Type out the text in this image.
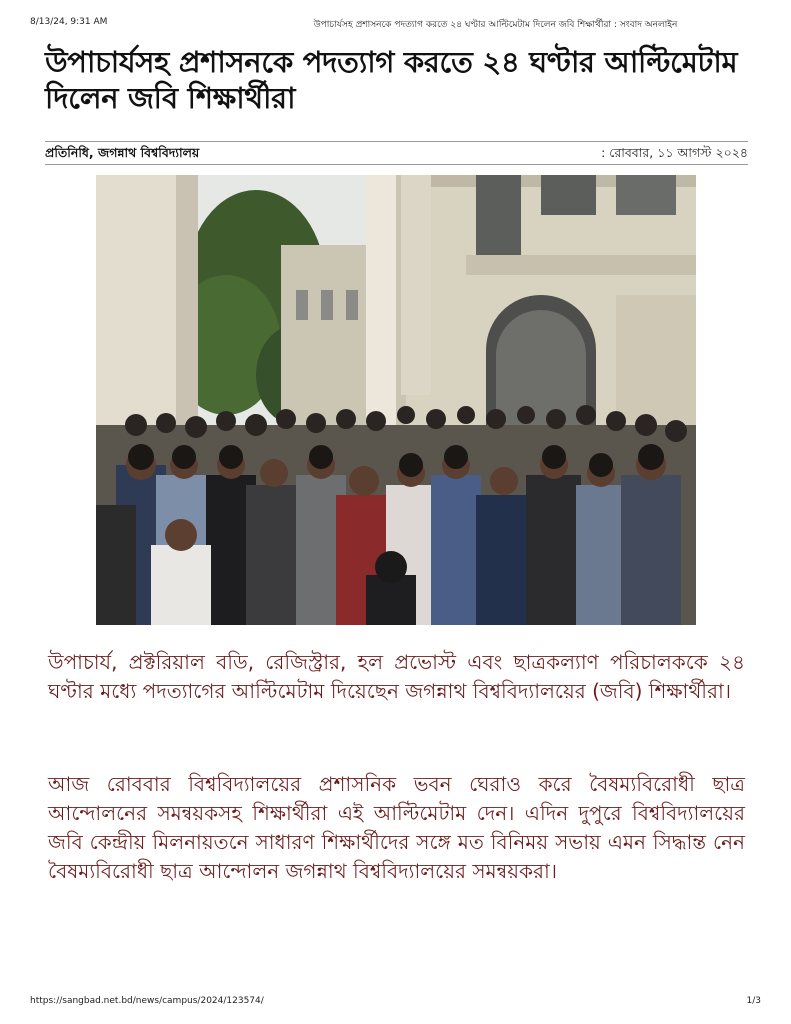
8/13/24, 9:31 AM	উপাচার্যসহ প্রশাসনকে পদত্যাগ করতে ২৪ ঘণ্টার আল্টিমেটাম দিলেন জবি শিক্ষার্থীরা : সংবাদ অনলাইন
উপাচার্যসহ প্রশাসনকে পদত্যাগ করতে ২৪ ঘণ্টার আল্টিমেটাম দিলেন জবি শিক্ষার্থীরা
প্রতিনিধি, জগন্নাথ বিশ্ববিদ্যালয়	: রোববার, ১১ আগস্ট ২০২৪

উপাচার্য, প্রক্টরিয়াল বডি, রেজিস্ট্রার, হল প্রভোস্ট এবং ছাত্রকল্যাণ পরিচালককে ২৪ ঘণ্টার মধ্যে পদত্যাগের আল্টিমেটাম দিয়েছেন জগন্নাথ বিশ্ববিদ্যালয়ের (জবি) শিক্ষার্থীরা।

আজ রোববার বিশ্ববিদ্যালয়ের প্রশাসনিক ভবন ঘেরাও করে বৈষম্যবিরোধী ছাত্র আন্দোলনের সমন্বয়কসহ শিক্ষার্থীরা এই আল্টিমেটাম দেন। এদিন দুপুরে বিশ্ববিদ্যালয়ের জবি কেন্দ্রীয় মিলনায়তনে সাধারণ শিক্ষার্থীদের সঙ্গে মত বিনিময় সভায় এমন সিদ্ধান্ত নেন বৈষম্যবিরোধী ছাত্র আন্দোলন জগন্নাথ বিশ্ববিদ্যালয়ের সমন্বয়করা।

https://sangbad.net.bd/news/campus/2024/123574/	1/3
